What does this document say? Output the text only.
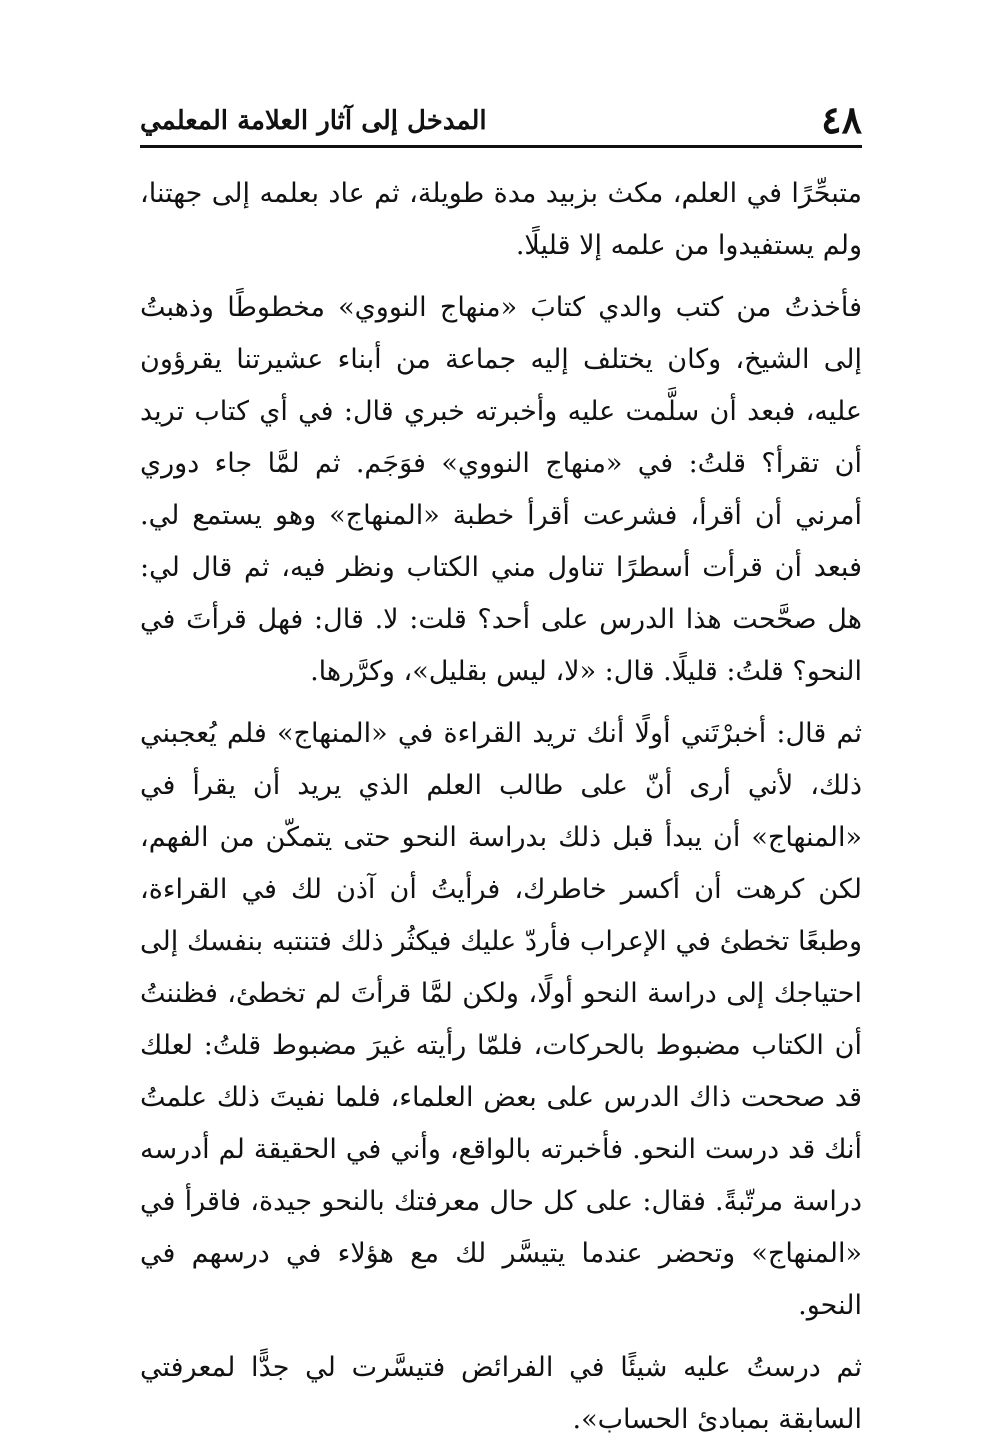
٤٨
المدخل إلى آثار العلامة المعلمي

متبحِّرًا في العلم، مكث بزبيد مدة طويلة، ثم عاد بعلمه إلى جهتنا، ولم يستفيدوا من علمه إلا قليلًا.

فأخذتُ من كتب والدي كتابَ «منهاج النووي» مخطوطًا وذهبتُ إلى الشيخ، وكان يختلف إليه جماعة من أبناء عشيرتنا يقرؤون عليه، فبعد أن سلَّمت عليه وأخبرته خبري قال: في أي كتاب تريد أن تقرأ؟ قلتُ: في «منهاج النووي» فوَجَم. ثم لمَّا جاء دوري أمرني أن أقرأ، فشرعت أقرأ خطبة «المنهاج» وهو يستمع لي. فبعد أن قرأت أسطرًا تناول مني الكتاب ونظر فيه، ثم قال لي: هل صحَّحت هذا الدرس على أحد؟ قلت: لا. قال: فهل قرأتَ في النحو؟ قلتُ: قليلًا. قال: «لا، ليس بقليل»، وكرَّرها.

ثم قال: أخبرْتَني أولًا أنك تريد القراءة في «المنهاج» فلم يُعجبني ذلك، لأني أرى أنّ على طالب العلم الذي يريد أن يقرأ في «المنهاج» أن يبدأ قبل ذلك بدراسة النحو حتى يتمكّن من الفهم، لكن كرهت أن أكسر خاطرك، فرأيتُ أن آذن لك في القراءة، وطبعًا تخطئ في الإعراب فأردّ عليك فيكثُر ذلك فتنتبه بنفسك إلى احتياجك إلى دراسة النحو أولًا، ولكن لمَّا قرأتَ لم تخطئ، فظننتُ أن الكتاب مضبوط بالحركات، فلمّا رأيته غيرَ مضبوط قلتُ: لعلك قد صححت ذاك الدرس على بعض العلماء، فلما نفيتَ ذلك علمتُ أنك قد درست النحو. فأخبرته بالواقع، وأني في الحقيقة لم أدرسه دراسة مرتّبةً. فقال: على كل حال معرفتك بالنحو جيدة، فاقرأ في «المنهاج» وتحضر عندما يتيسَّر لك مع هؤلاء في درسهم في النحو.

ثم درستُ عليه شيئًا في الفرائض فتيسَّرت لي جدًّا لمعرفتي السابقة بمبادئ الحساب».
